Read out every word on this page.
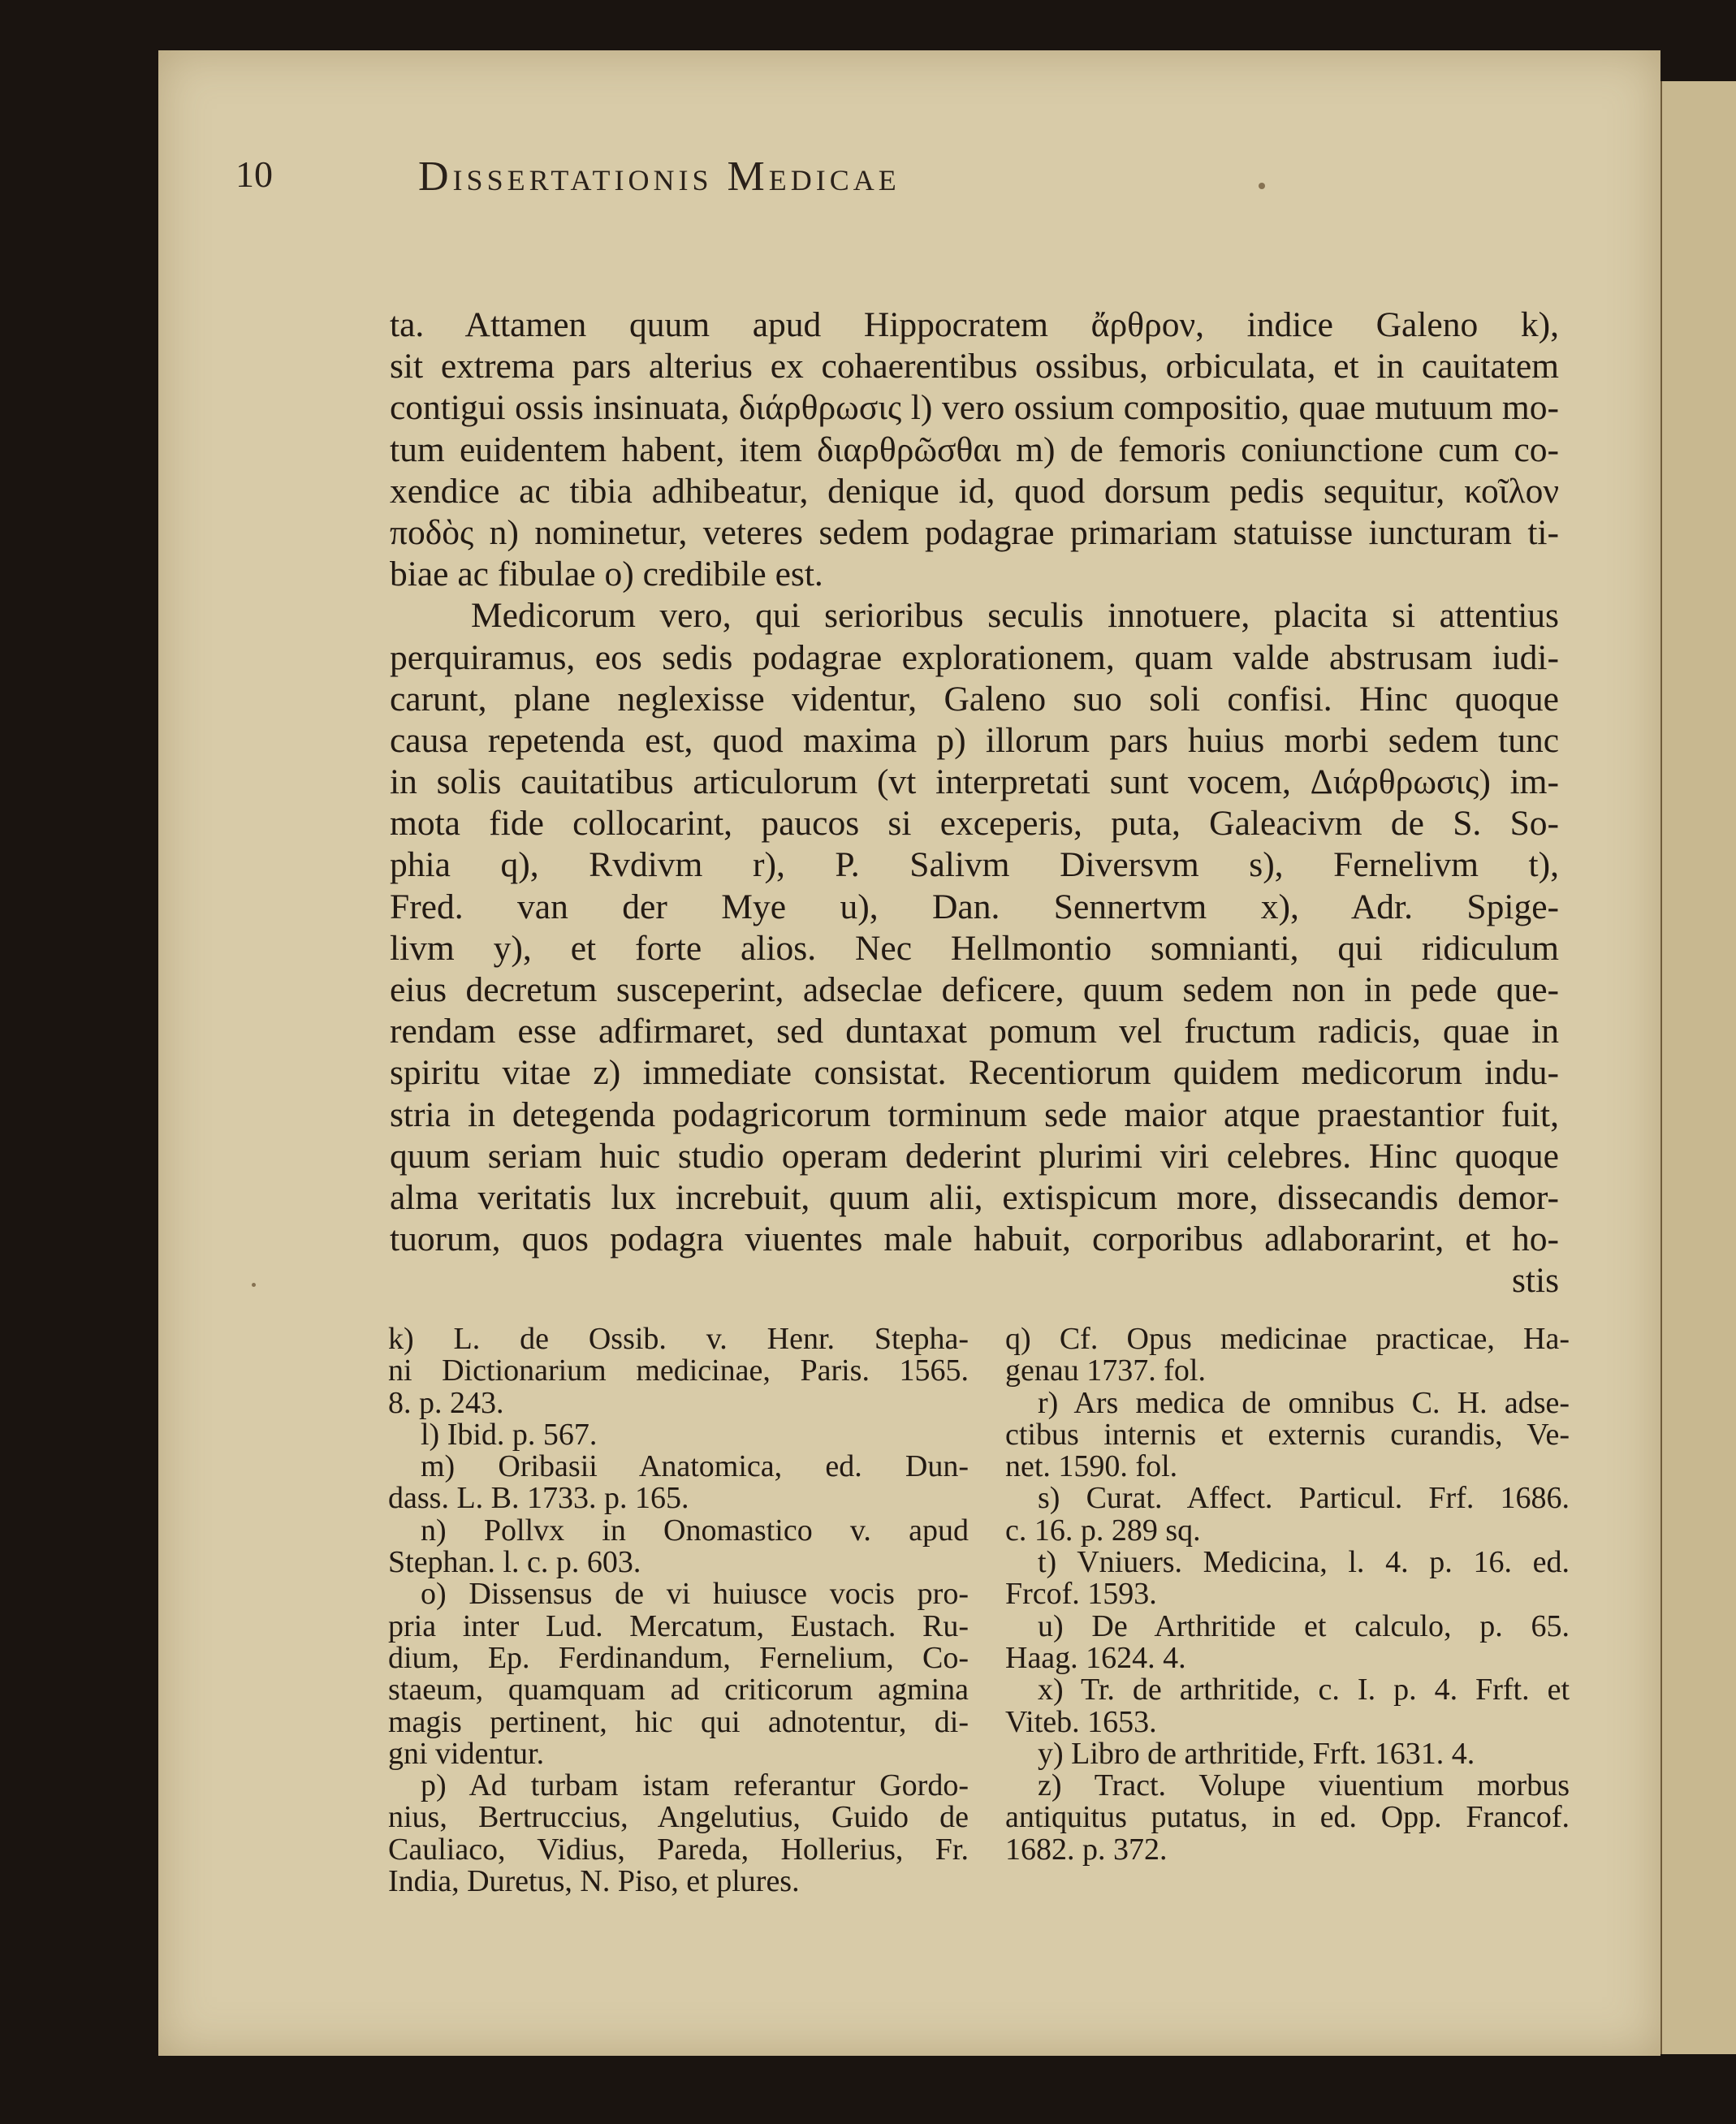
10	Dissertationis Medicae
ta. Attamen quum apud Hippocratem ἄρθρον, indice Galeno k),
sit extrema pars alterius ex cohaerentibus ossibus, orbiculata, et in cauitatem
contigui ossis insinuata, διάρθρωσις l) vero ossium compositio, quae mutuum mo-
tum euidentem habent, item διαρθρῶσθαι m) de femoris coniunctione cum co-
xendice ac tibia adhibeatur, denique id, quod dorsum pedis sequitur, κοῖλον
ποδὸς n) nominetur, veteres sedem podagrae primariam statuisse iuncturam ti-
biae ac fibulae o) credibile est.
Medicorum vero, qui serioribus seculis innotuere, placita si attentius
perquiramus, eos sedis podagrae explorationem, quam valde abstrusam iudi-
carunt, plane neglexisse videntur, Galeno suo soli confisi. Hinc quoque
causa repetenda est, quod maxima p) illorum pars huius morbi sedem tunc
in solis cauitatibus articulorum (vt interpretati sunt vocem, Διάρθρωσις) im-
mota fide collocarint, paucos si exceperis, puta, Galeacivm de S. So-
phia q), Rvdivm r), P. Salivm Diversvm s), Fernelivm t),
Fred. van der Mye u), Dan. Sennertvm x), Adr. Spige-
livm y), et forte alios. Nec Hellmontio somnianti, qui ridiculum
eius decretum susceperint, adseclae deficere, quum sedem non in pede que-
rendam esse adfirmaret, sed duntaxat pomum vel fructum radicis, quae in
spiritu vitae z) immediate consistat. Recentiorum quidem medicorum indu-
stria in detegenda podagricorum torminum sede maior atque praestantior fuit,
quum seriam huic studio operam dederint plurimi viri celebres. Hinc quoque
alma veritatis lux increbuit, quum alii, extispicum more, dissecandis demor-
tuorum, quos podagra viuentes male habuit, corporibus adlaborarint, et ho-
stis
k) L. de Ossib. v. Henr. Stepha-
ni Dictionarium medicinae, Paris. 1565.
8. p. 243.
l) Ibid. p. 567.
m) Oribasii Anatomica, ed. Dun-
dass. L. B. 1733. p. 165.
n) Pollvx in Onomastico v. apud
Stephan. l. c. p. 603.
o) Dissensus de vi huiusce vocis pro-
pria inter Lud. Mercatum, Eustach. Ru-
dium, Ep. Ferdinandum, Fernelium, Co-
staeum, quamquam ad criticorum agmina
magis pertinent, hic qui adnotentur, di-
gni videntur.
p) Ad turbam istam referantur Gordo-
nius, Bertruccius, Angelutius, Guido de
Cauliaco, Vidius, Pareda, Hollerius, Fr.
India, Duretus, N. Piso, et plures.
q) Cf. Opus medicinae practicae, Ha-
genau 1737. fol.
r) Ars medica de omnibus C. H. adse-
ctibus internis et externis curandis, Ve-
net. 1590. fol.
s) Curat. Affect. Particul. Frf. 1686.
c. 16. p. 289 sq.
t) Vniuers. Medicina, l. 4. p. 16. ed.
Frcof. 1593.
u) De Arthritide et calculo, p. 65.
Haag. 1624. 4.
x) Tr. de arthritide, c. I. p. 4. Frft. et
Viteb. 1653.
y) Libro de arthritide, Frft. 1631. 4.
z) Tract. Volupe viuentium morbus
antiquitus putatus, in ed. Opp. Francof.
1682. p. 372.
